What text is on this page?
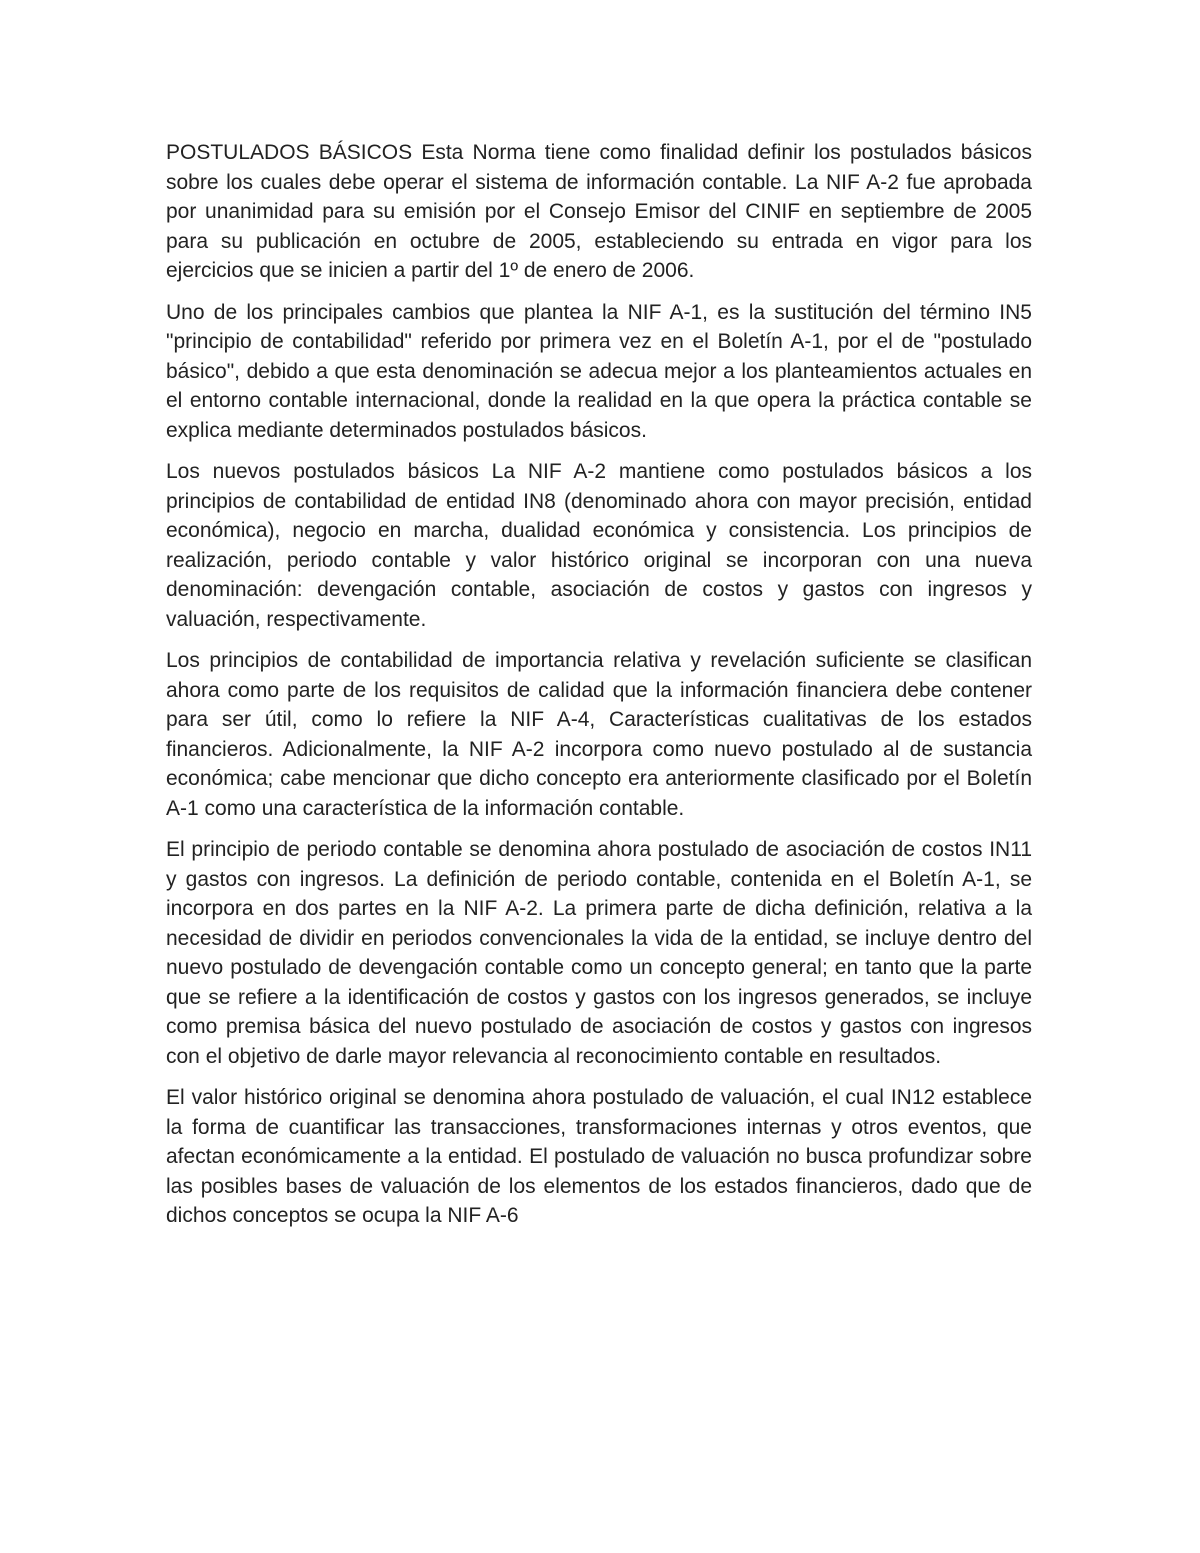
POSTULADOS BÁSICOS Esta Norma tiene como finalidad definir los postulados básicos sobre los cuales debe operar el sistema de información contable. La NIF A-2 fue aprobada por unanimidad para su emisión por el Consejo Emisor del CINIF en septiembre de 2005 para su publicación en octubre de 2005, estableciendo su entrada en vigor para los ejercicios que se inicien a partir del 1º de enero de 2006.

Uno de los principales cambios que plantea la NIF A-1, es la sustitución del término IN5 "principio de contabilidad" referido por primera vez en el Boletín A-1, por el de "postulado básico", debido a que esta denominación se adecua mejor a los planteamientos actuales en el entorno contable internacional, donde la realidad en la que opera la práctica contable se explica mediante determinados postulados básicos.

Los nuevos postulados básicos La NIF A-2 mantiene como postulados básicos a los principios de contabilidad de entidad IN8 (denominado ahora con mayor precisión, entidad económica), negocio en marcha, dualidad económica y consistencia. Los principios de realización, periodo contable y valor histórico original se incorporan con una nueva denominación: devengación contable, asociación de costos y gastos con ingresos y valuación, respectivamente.

Los principios de contabilidad de importancia relativa y revelación suficiente se clasifican ahora como parte de los requisitos de calidad que la información financiera debe contener para ser útil, como lo refiere la NIF A-4, Características cualitativas de los estados financieros. Adicionalmente, la NIF A-2 incorpora como nuevo postulado al de sustancia económica; cabe mencionar que dicho concepto era anteriormente clasificado por el Boletín A-1 como una característica de la información contable.

El principio de periodo contable se denomina ahora postulado de asociación de costos IN11 y gastos con ingresos. La definición de periodo contable, contenida en el Boletín A-1, se incorpora en dos partes en la NIF A-2. La primera parte de dicha definición, relativa a la necesidad de dividir en periodos convencionales la vida de la entidad, se incluye dentro del nuevo postulado de devengación contable como un concepto general; en tanto que la parte que se refiere a la identificación de costos y gastos con los ingresos generados, se incluye como premisa básica del nuevo postulado de asociación de costos y gastos con ingresos con el objetivo de darle mayor relevancia al reconocimiento contable en resultados.

El valor histórico original se denomina ahora postulado de valuación, el cual IN12 establece la forma de cuantificar las transacciones, transformaciones internas y otros eventos, que afectan económicamente a la entidad. El postulado de valuación no busca profundizar sobre las posibles bases de valuación de los elementos de los estados financieros, dado que de dichos conceptos se ocupa la NIF A-6
